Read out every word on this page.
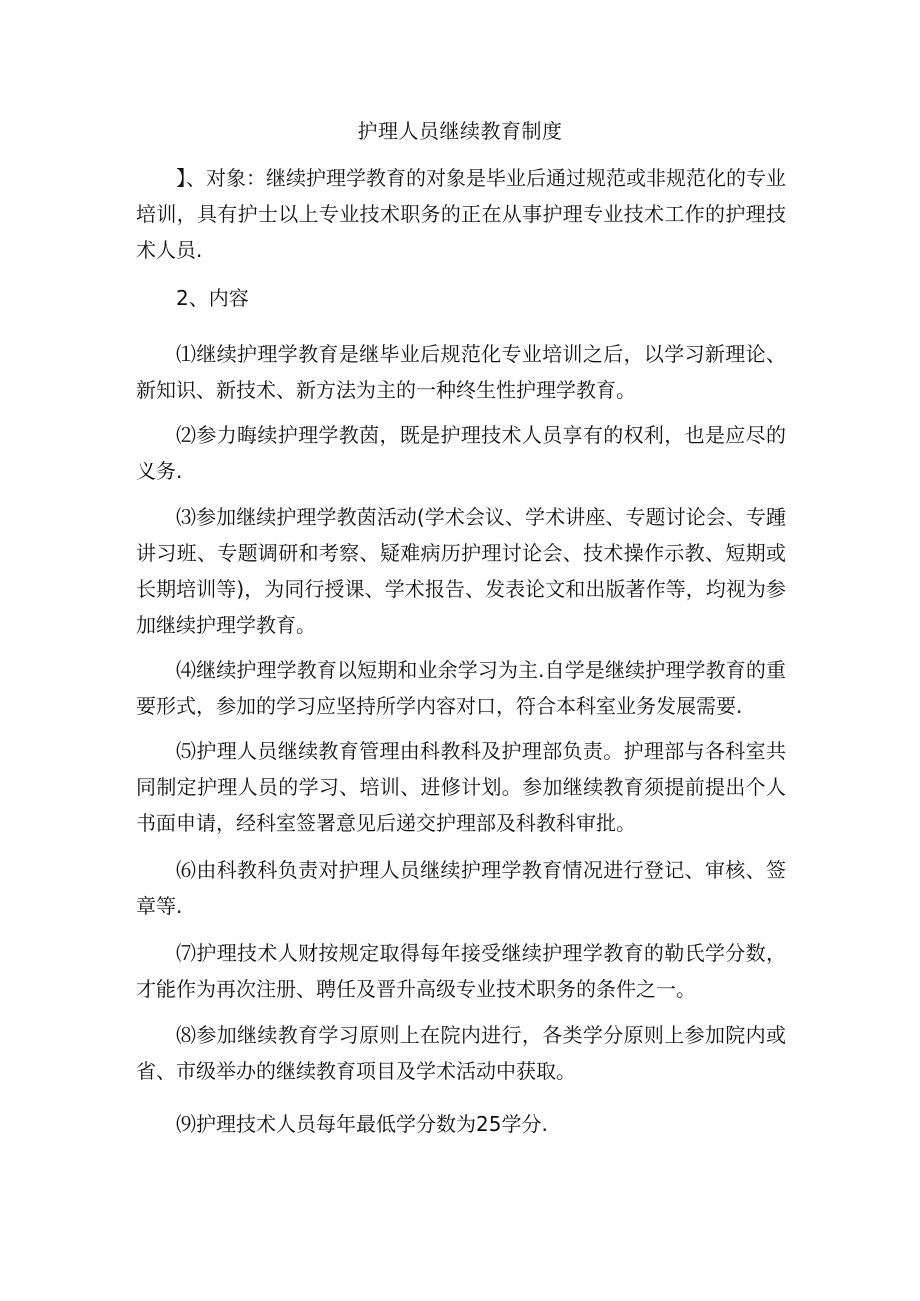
护理人员继续教育制度

】、对象：继续护理学教育的对象是毕业后通过规范或非规范化的专业培训，具有护士以上专业技术职务的正在从事护理专业技术工作的护理技术人员.

2、内容

⑴继续护理学教育是继毕业后规范化专业培训之后，以学习新理论、新知识、新技术、新方法为主的一种终生性护理学教育。

⑵参力晦续护理学教茵，既是护理技术人员享有的权利，也是应尽的义务.

⑶参加继续护理学教茵活动(学术会议、学术讲座、专题讨论会、专踵讲习班、专题调研和考察、疑难病历护理讨论会、技术操作示教、短期或长期培训等)，为同行授课、学术报告、发表论文和出版著作等，均视为参加继续护理学教育。

⑷继续护理学教育以短期和业余学习为主.自学是继续护理学教育的重要形式，参加的学习应坚持所学内容对口，符合本科室业务发展需要.

⑸护理人员继续教育管理由科教科及护理部负责。护理部与各科室共同制定护理人员的学习、培训、进修计划。参加继续教育须提前提出个人书面申请，经科室签署意见后递交护理部及科教科审批。

⑹由科教科负责对护理人员继续护理学教育情况进行登记、审核、签章等.

⑺护理技术人财按规定取得每年接受继续护理学教育的勒氏学分数，才能作为再次注册、聘任及晋升高级专业技术职务的条件之一。

⑻参加继续教育学习原则上在院内进行，各类学分原则上参加院内或省、市级举办的继续教育项目及学术活动中获取。

⑼护理技术人员每年最低学分数为25学分.
